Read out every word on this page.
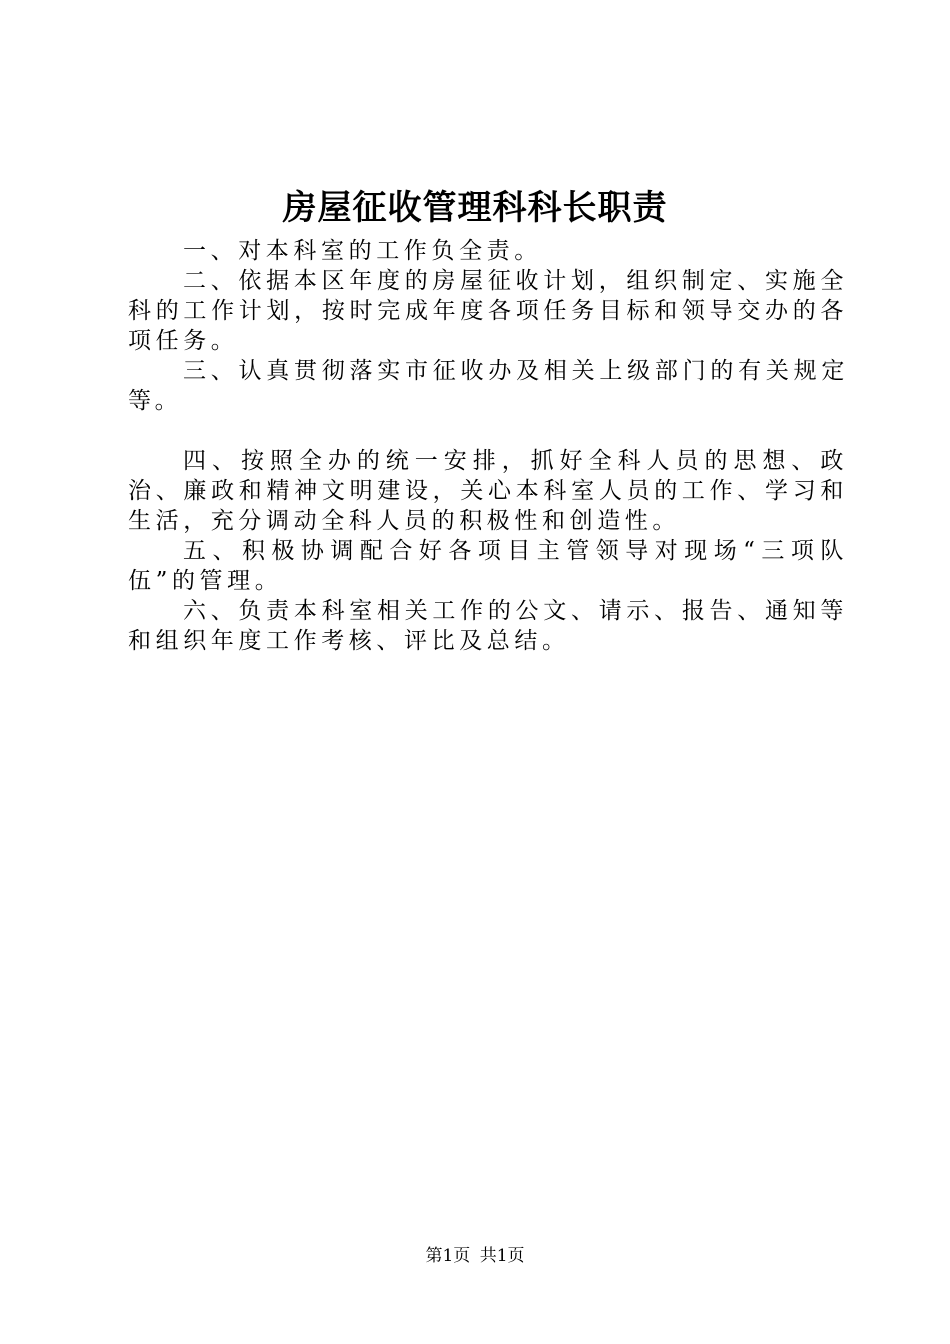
房屋征收管理科科长职责

一、对本科室的工作负全责。

二、依据本区年度的房屋征收计划，组织制定、实施全科的工作计划，按时完成年度各项任务目标和领导交办的各项任务。

三、认真贯彻落实市征收办及相关上级部门的有关规定等。

四、按照全办的统一安排，抓好全科人员的思想、政治、廉政和精神文明建设，关心本科室人员的工作、学习和生活，充分调动全科人员的积极性和创造性。

五、积极协调配合好各项目主管领导对现场“三项队伍”的管理。

六、负责本科室相关工作的公文、请示、报告、通知等和组织年度工作考核、评比及总结。

第1页 共1页
